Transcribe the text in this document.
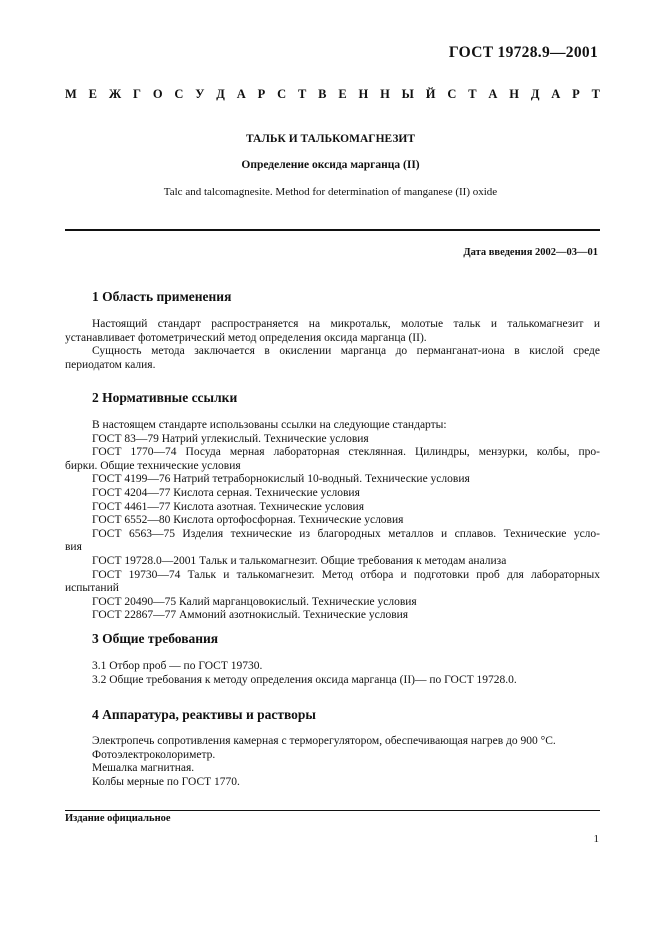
ГОСТ 19728.9—2001
М Е Ж Г О С У Д А Р С Т В Е Н Н Ы Й С Т А Н Д А Р Т
ТАЛЬК И ТАЛЬКОМАГНЕЗИТ
Определение оксида марганца (II)
Talc and talcomagnesite. Method for determination of manganese (II) oxide
Дата введения 2002—03—01
1 Область применения

Настоящий стандарт распространяется на микротальк, молотые тальк и талькомагнезит и

устанавливает фотометрический метод определения оксида марганца (II).

Сущность метода заключается в окислении марганца до перманганат-иона в кислой среде

периодатом калия.

2 Нормативные ссылки

В настоящем стандарте использованы ссылки на следующие стандарты:

ГОСТ 83—79 Натрий углекислый. Технические условия

ГОСТ 1770—74 Посуда мерная лабораторная стеклянная. Цилиндры, мензурки, колбы, про-

бирки. Общие технические условия

ГОСТ 4199—76 Натрий тетраборнокислый 10-водный. Технические условия

ГОСТ 4204—77 Кислота серная. Технические условия

ГОСТ 4461—77 Кислота азотная. Технические условия

ГОСТ 6552—80 Кислота ортофосфорная. Технические условия

ГОСТ 6563—75 Изделия технические из благородных металлов и сплавов. Технические усло-

вия

ГОСТ 19728.0—2001 Тальк и талькомагнезит. Общие требования к методам анализа

ГОСТ 19730—74 Тальк и талькомагнезит. Метод отбора и подготовки проб для лабораторных

испытаний

ГОСТ 20490—75 Калий марганцовокислый. Технические условия

ГОСТ 22867—77 Аммоний азотнокислый. Технические условия

3 Общие требования

3.1 Отбор проб — по ГОСТ 19730.

3.2 Общие требования к методу определения оксида марганца (II)— по ГОСТ 19728.0.

4 Аппаратура, реактивы и растворы

Электропечь сопротивления камерная с терморегулятором, обеспечивающая нагрев до 900 °С.

Фотоэлектроколориметр.

Мешалка магнитная.

Колбы мерные по ГОСТ 1770.

Издание официальное
1
